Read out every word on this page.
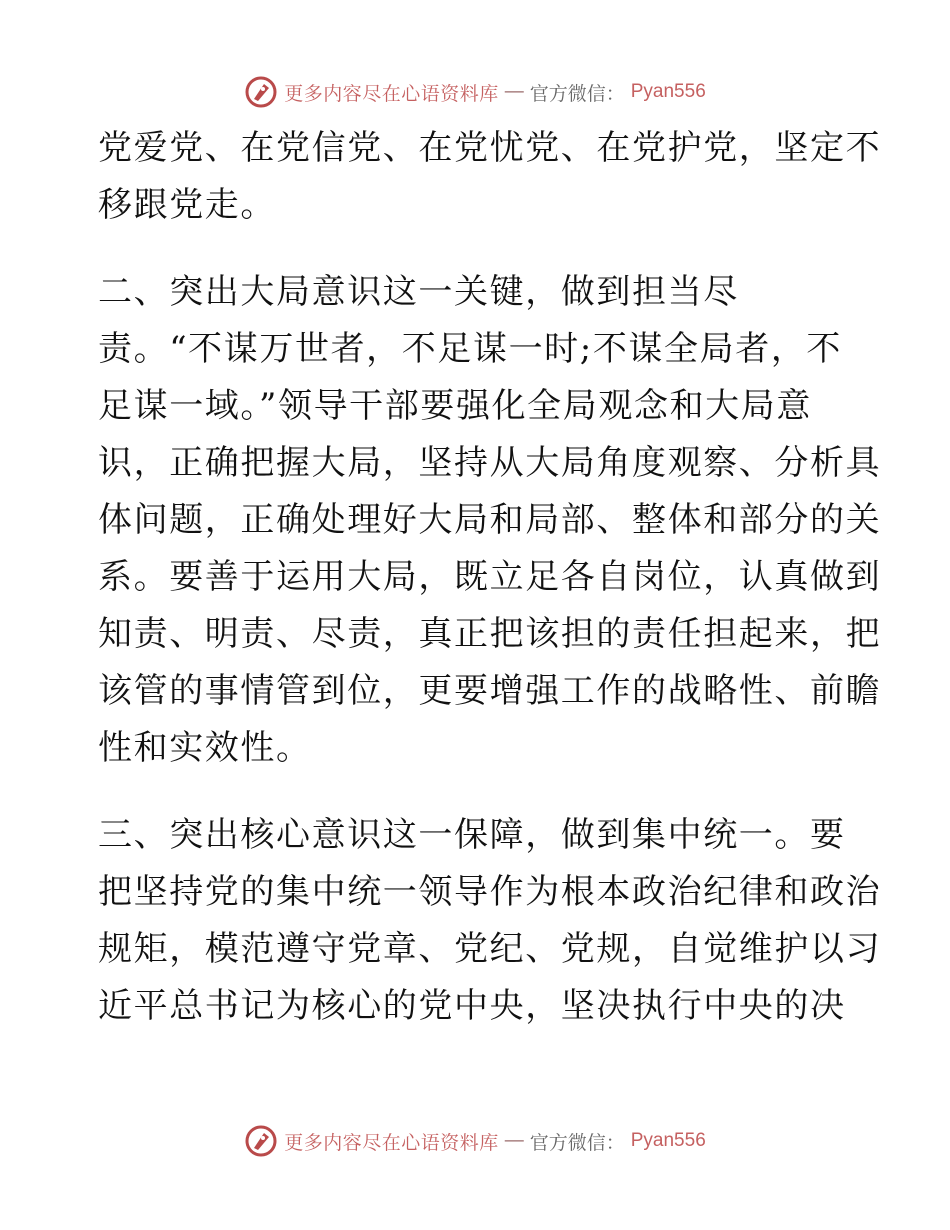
更多内容尽在心语资料库 — 官方微信： Pyan556
党爱党、在党信党、在党忧党、在党护党，坚定不
移跟党走。
二、突出大局意识这一关键，做到担当尽
责。“不谋万世者，不足谋一时;不谋全局者，不
足谋一域。”领导干部要强化全局观念和大局意
识，正确把握大局，坚持从大局角度观察、分析具
体问题，正确处理好大局和局部、整体和部分的关
系。要善于运用大局，既立足各自岗位，认真做到
知责、明责、尽责，真正把该担的责任担起来，把
该管的事情管到位，更要增强工作的战略性、前瞻
性和实效性。
三、突出核心意识这一保障，做到集中统一。要
把坚持党的集中统一领导作为根本政治纪律和政治
规矩，模范遵守党章、党纪、党规，自觉维护以习
近平总书记为核心的党中央，坚决执行中央的决
更多内容尽在心语资料库 — 官方微信： Pyan556
